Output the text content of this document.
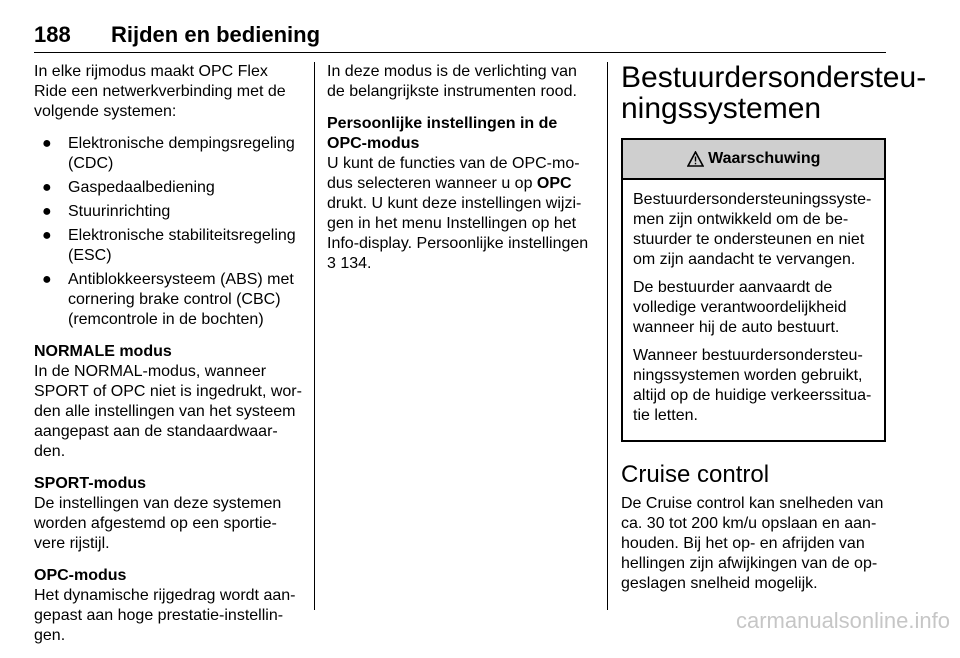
188 Rijden en bediening

In elke rijmodus maakt OPC Flex Ride een netwerkverbinding met de volgende systemen:

● Elektronische dempingsregeling (CDC)
● Gaspedaalbediening
● Stuurinrichting
● Elektronische stabiliteitsregeling (ESC)
● Antiblokkeersysteem (ABS) met cornering brake control (CBC) (remcontrole in de bochten)

NORMALE modus
In de NORMAL-modus, wanneer SPORT of OPC niet is ingedrukt, worden alle instellingen van het systeem aangepast aan de standaardwaarden.

SPORT-modus
De instellingen van deze systemen worden afgestemd op een sportievere rijstijl.

OPC-modus
Het dynamische rijgedrag wordt aangepast aan hoge prestatie-instellingen.

In deze modus is de verlichting van de belangrijkste instrumenten rood.

Persoonlijke instellingen in de OPC-modus
U kunt de functies van de OPC-modus selecteren wanneer u op OPC drukt. U kunt deze instellingen wijzigen in het menu Instellingen op het Info-display. Persoonlijke instellingen
3 134.

Bestuurdersondersteuningssystemen
Waarschuwing

Bestuurdersondersteuningssystemen zijn ontwikkeld om de bestuurder te ondersteunen en niet om zijn aandacht te vervangen.

De bestuurder aanvaardt de volledige verantwoordelijkheid wanneer hij de auto bestuurt.

Wanneer bestuurdersondersteuningssystemen worden gebruikt, altijd op de huidige verkeerssituatie letten.

Cruise control

De Cruise control kan snelheden van ca. 30 tot 200 km/u opslaan en aanhouden. Bij het op- en afrijden van hellingen zijn afwijkingen van de opgeslagen snelheid mogelijk.

carmanualsonline.info
